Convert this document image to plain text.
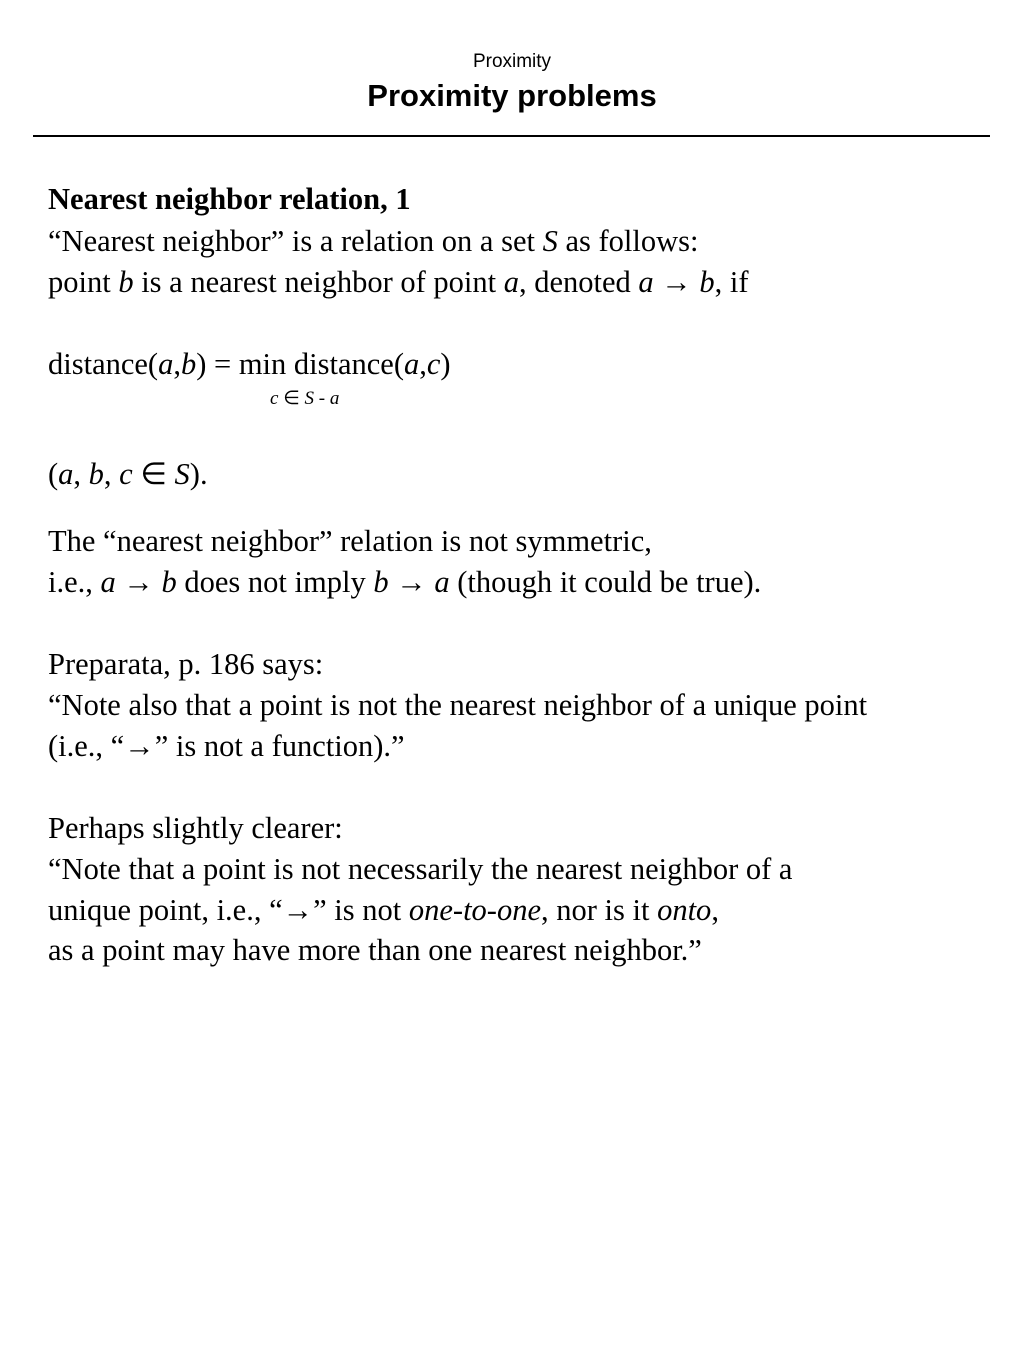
Proximity
Proximity problems
Nearest neighbor relation, 1
“Nearest neighbor” is a relation on a set S as follows:
point b is a nearest neighbor of point a, denoted a → b, if
distance(a,b) = min distance(a,c)
c ∈ S - a
(a, b, c ∈ S).
The “nearest neighbor” relation is not symmetric,
i.e., a → b does not imply b → a (though it could be true).
Preparata, p. 186 says:
“Note also that a point is not the nearest neighbor of a unique point
(i.e., “→” is not a function).”
Perhaps slightly clearer:
“Note that a point is not necessarily the nearest neighbor of a
unique point, i.e., “→” is not one-to-one, nor is it onto,
as a point may have more than one nearest neighbor.”
